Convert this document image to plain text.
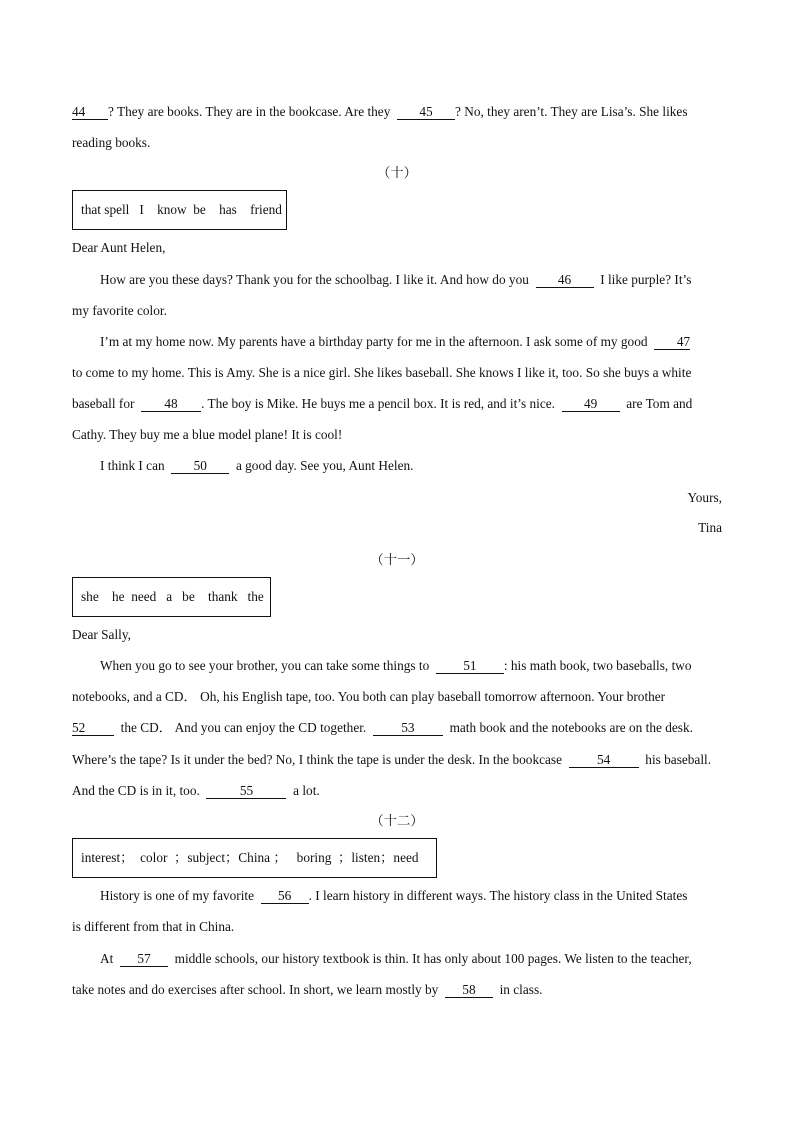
44 ? They are books. They are in the bookcase. Are they 45 ? No, they aren’t. They are Lisa’s. She likes
reading books.
（十）
that spell   I    know  be    has    friend
Dear Aunt Helen,
How are you these days? Thank you for the schoolbag. I like it. And how do you 46 I like purple? It’s
my favorite color.
I’m at my home now. My parents have a birthday party for me in the afternoon. I ask some of my good 47
to come to my home. This is Amy. She is a nice girl. She likes baseball. She knows I like it, too. So she buys a white
baseball for 48 . The boy is Mike. He buys me a pencil box. It is red, and it’s nice. 49 are Tom and
Cathy. They buy me a blue model plane! It is cool!
I think I can 50 a good day. See you, Aunt Helen.
Yours,
Tina
（十一）
she    he  need   a   be    thank   the
Dear Sally,
When you go to see your brother, you can take some things to	51 : his math book, two baseballs, two
notebooks, and a CD． Oh, his English tape, too. You both can play baseball tomorrow afternoon. Your brother
52	the CD． And you can enjoy the CD together.	53	math book and the notebooks are on the desk.
Where’s the tape? Is it under the bed? No, I think the tape is under the desk. In the bookcase	54	his baseball.
And the CD is in it, too.	55	a lot.
（十二）
interest；  color  ；subject；China ；   boring  ；listen；need
History is one of my favorite 56 . I learn history in different ways. The history class in the United States
is different from that in China.
At 57 middle schools, our history textbook is thin. It has only about 100 pages. We listen to the teacher,
take notes and do exercises after school. In short, we learn mostly by 58 in class.
